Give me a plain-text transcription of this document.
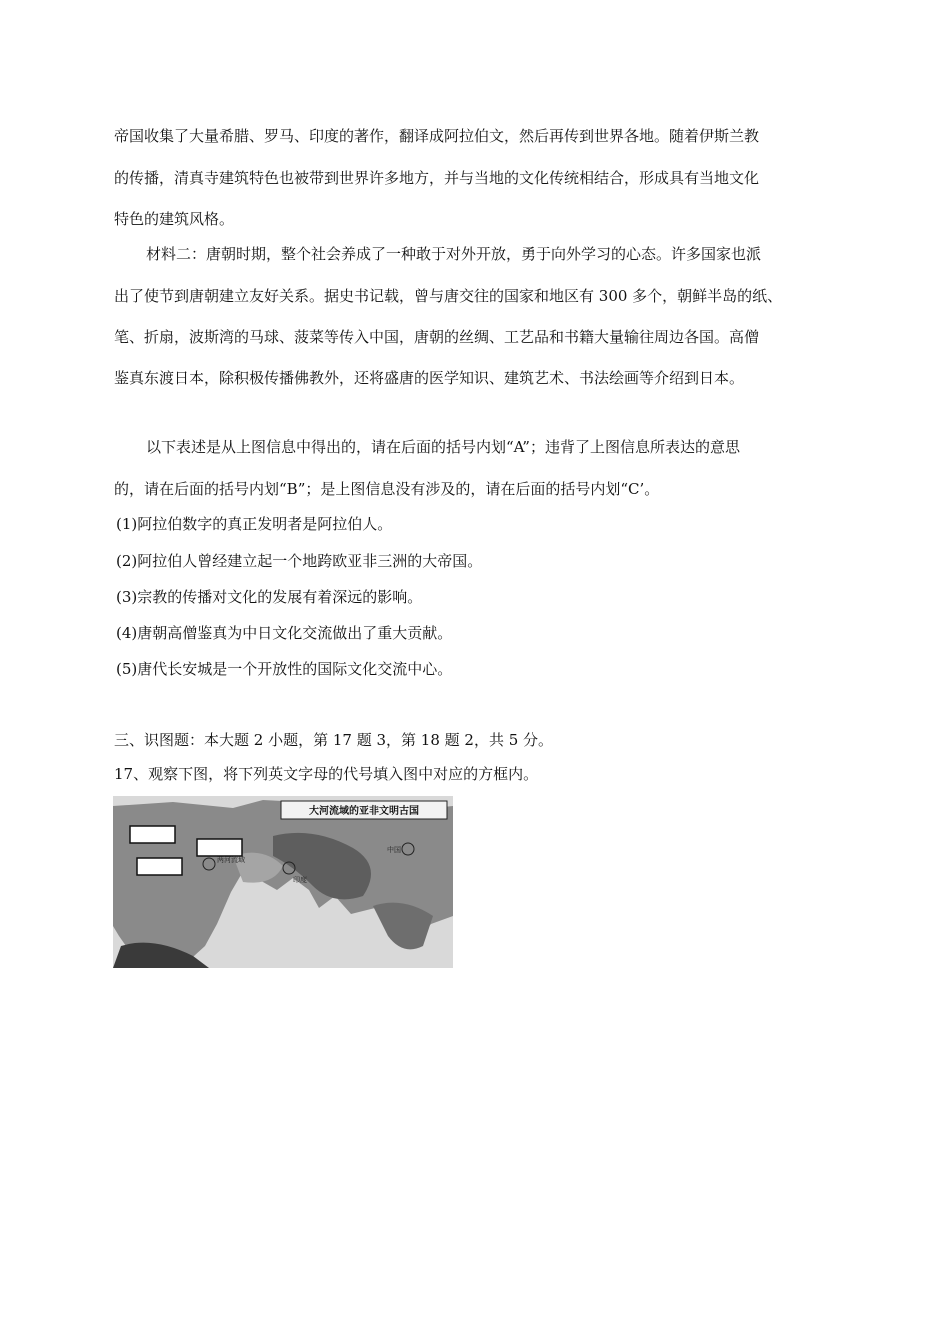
帝国收集了大量希腊、罗马、印度的著作，翻译成阿拉伯文，然后再传到世界各地。随着伊斯兰教
的传播，清真寺建筑特色也被带到世界许多地方，并与当地的文化传统相结合，形成具有当地文化
特色的建筑风格。
材料二：唐朝时期，整个社会养成了一种敢于对外开放，勇于向外学习的心态。许多国家也派
出了使节到唐朝建立友好关系。据史书记载，曾与唐交往的国家和地区有 300 多个，朝鲜半岛的纸、
笔、折扇，波斯湾的马球、菠菜等传入中国，唐朝的丝绸、工艺品和书籍大量输往周边各国。高僧
鉴真东渡日本，除积极传播佛教外，还将盛唐的医学知识、建筑艺术、书法绘画等介绍到日本。
以下表述是从上图信息中得出的，请在后面的括号内划“A”；违背了上图信息所表达的意思
的，请在后面的括号内划“B”；是上图信息没有涉及的，请在后面的括号内划“C’。
(1)阿拉伯数字的真正发明者是阿拉伯人。
(2)阿拉伯人曾经建立起一个地跨欧亚非三洲的大帝国。
(3)宗教的传播对文化的发展有着深远的影响。
(4)唐朝高僧鉴真为中日文化交流做出了重大贡献。
(5)唐代长安城是一个开放性的国际文化交流中心。
三、识图题：本大题 2 小题，第 17 题 3，第 18 题 2，共 5 分。
17、观察下图，将下列英文字母的代号填入图中对应的方框内。
大河流域的亚非文明古国
两河流域
印度
中国
